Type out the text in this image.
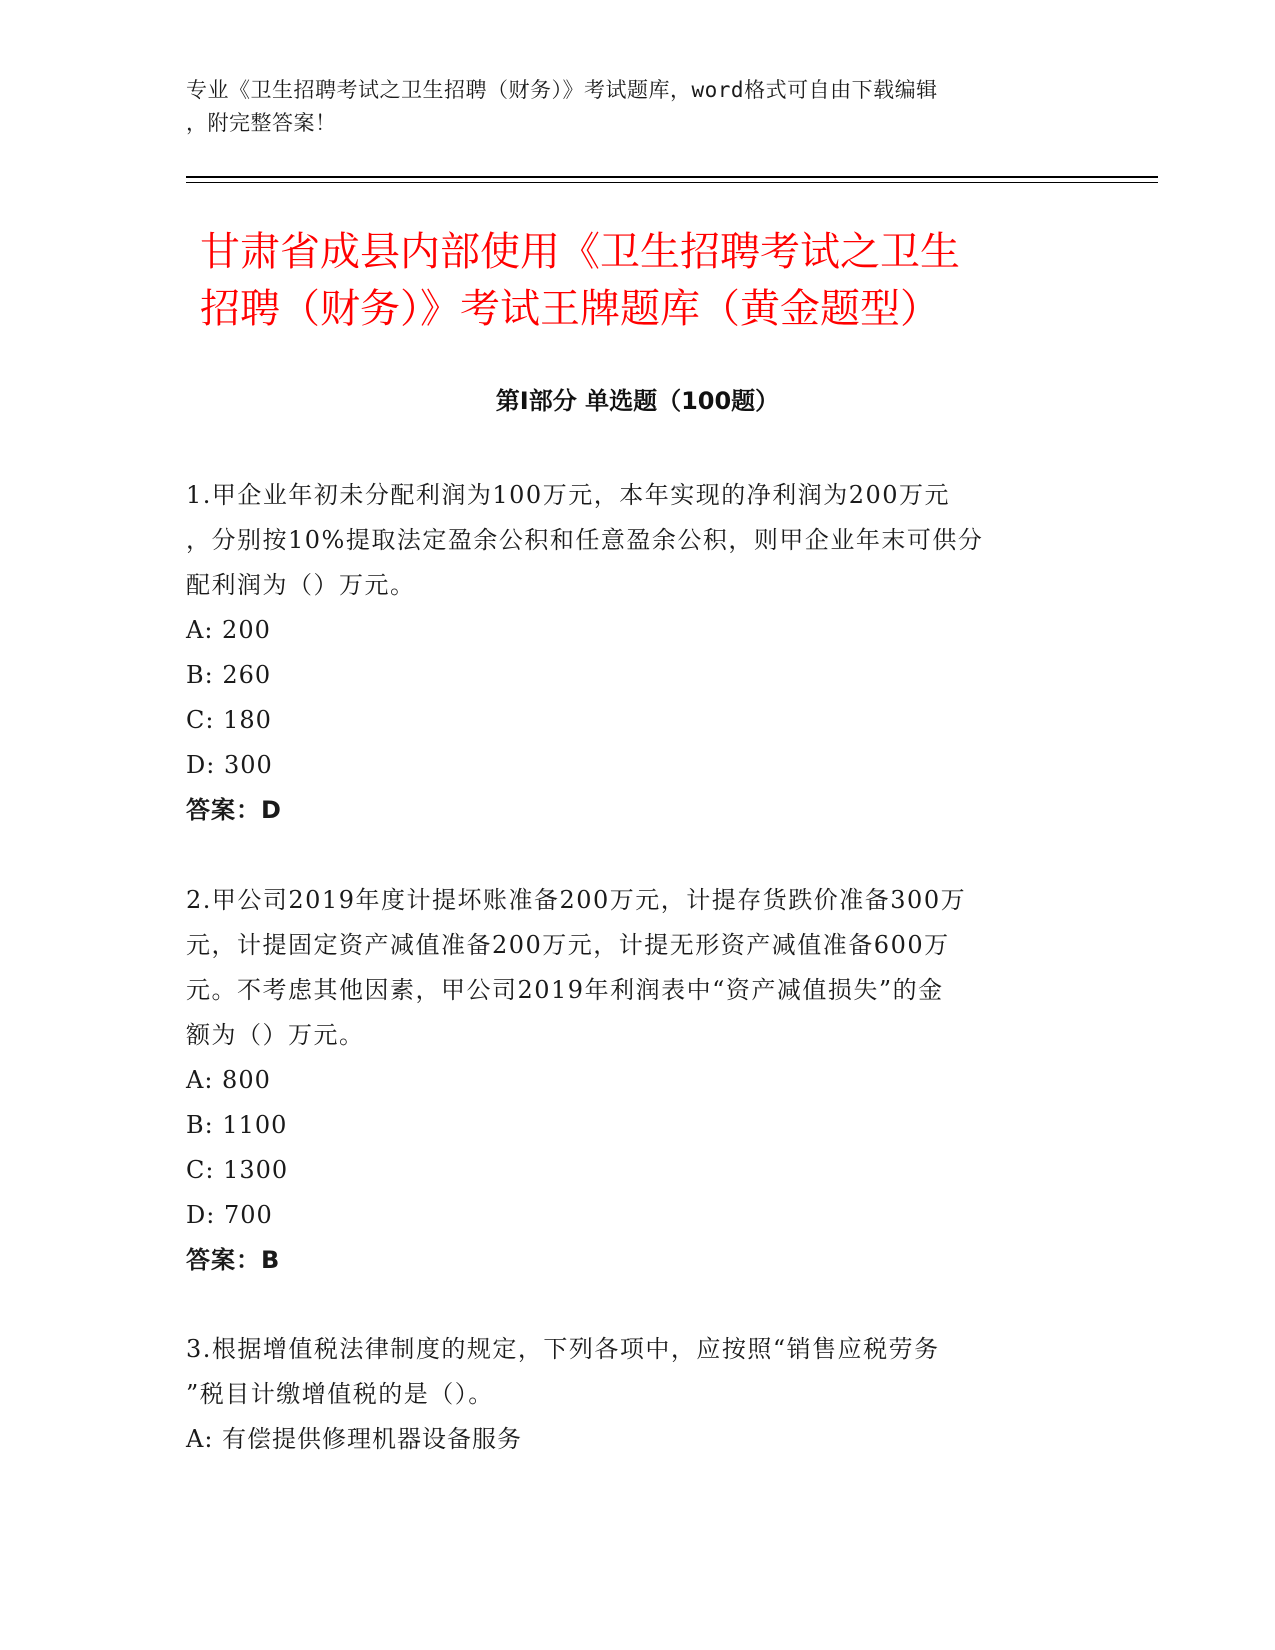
专业《卫生招聘考试之卫生招聘（财务）》考试题库，word格式可自由下载编辑
，附完整答案！
甘肃省成县内部使用《卫生招聘考试之卫生
招聘（财务）》考试王牌题库（黄金题型）
第Ⅰ部分 单选题（100题）
1.甲企业年初未分配利润为100万元，本年实现的净利润为200万元
，分别按10%提取法定盈余公积和任意盈余公积，则甲企业年末可供分
配利润为（）万元。
A: 200
B: 260
C: 180
D: 300
答案：D
2.甲公司2019年度计提坏账准备200万元，计提存货跌价准备300万
元，计提固定资产减值准备200万元，计提无形资产减值准备600万
元。不考虑其他因素，甲公司2019年利润表中“资产减值损失”的金
额为（）万元。
A: 800
B: 1100
C: 1300
D: 700
答案：B
3.根据增值税法律制度的规定，下列各项中，应按照“销售应税劳务
”税目计缴增值税的是（）。
A: 有偿提供修理机器设备服务
